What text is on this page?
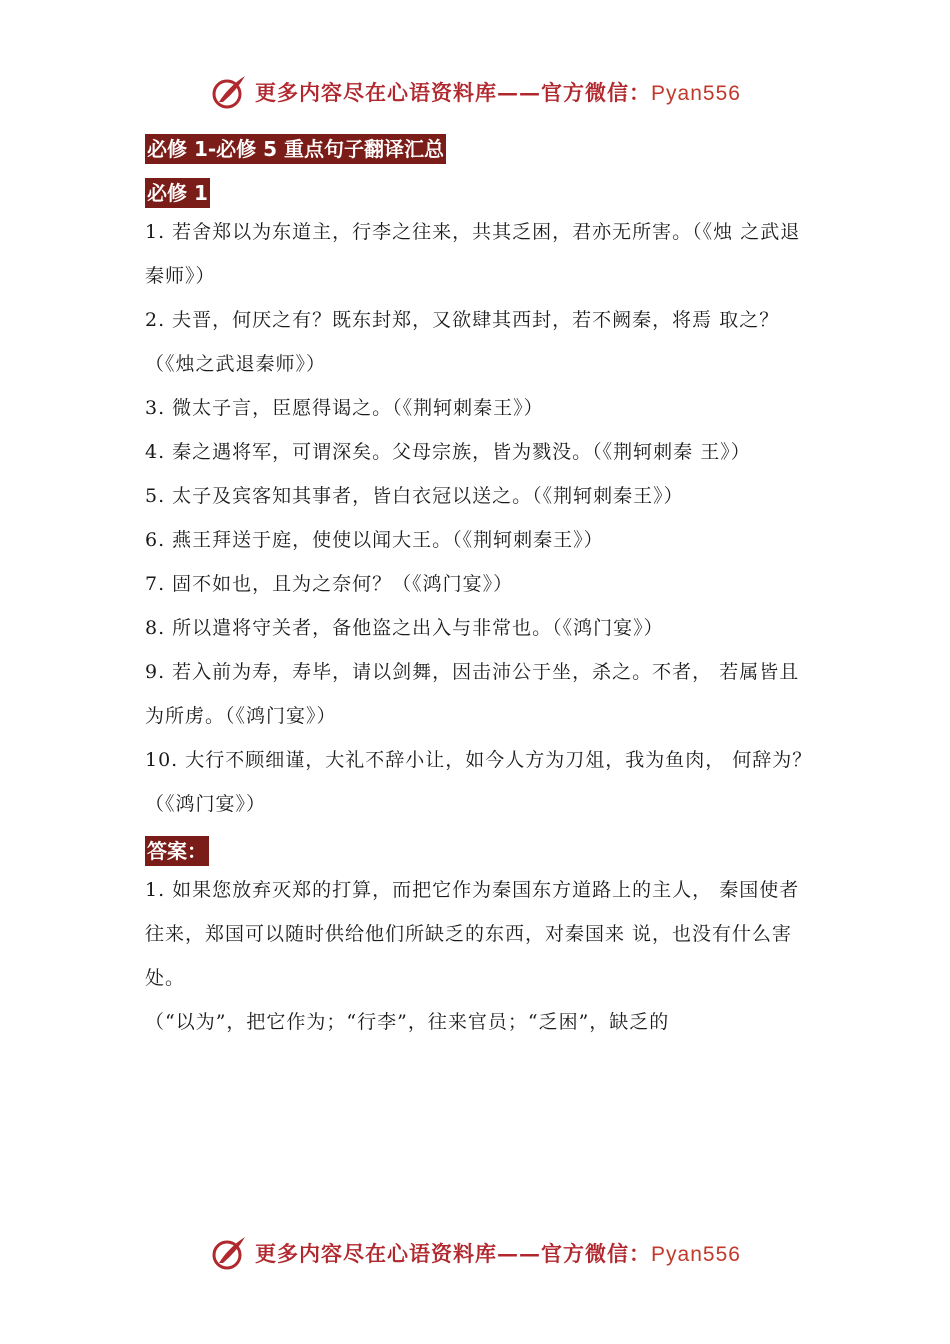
更多内容尽在心语资料库——官方微信：Pyan556
必修 1-必修 5 重点句子翻译汇总
必修 1

1. 若舍郑以为东道主，行李之往来，共其乏困，君亦无所害。（《烛 之武退秦师》）

2. 夫晋，何厌之有？既东封郑，又欲肆其西封，若不阙秦，将焉 取之？（《烛之武退秦师》）

3. 微太子言，臣愿得谒之。（《荆轲刺秦王》）

4. 秦之遇将军，可谓深矣。父母宗族，皆为戮没。（《荆轲刺秦 王》）

5. 太子及宾客知其事者，皆白衣冠以送之。（《荆轲刺秦王》）

6. 燕王拜送于庭，使使以闻大王。（《荆轲刺秦王》）

7. 固不如也，且为之奈何？（《鸿门宴》）

8. 所以遣将守关者，备他盗之出入与非常也。（《鸿门宴》）

9. 若入前为寿，寿毕，请以剑舞，因击沛公于坐，杀之。不者， 若属皆且为所虏。（《鸿门宴》）

10. 大行不顾细谨，大礼不辞小让，如今人方为刀俎，我为鱼肉， 何辞为？（《鸿门宴》）

答案：

1. 如果您放弃灭郑的打算，而把它作为秦国东方道路上的主人， 秦国使者往来，郑国可以随时供给他们所缺乏的东西，对秦国来 说，也没有什么害处。

（“以为”，把它作为；“行李”，往来官员；“乏困”，缺乏的

更多内容尽在心语资料库——官方微信：Pyan556
